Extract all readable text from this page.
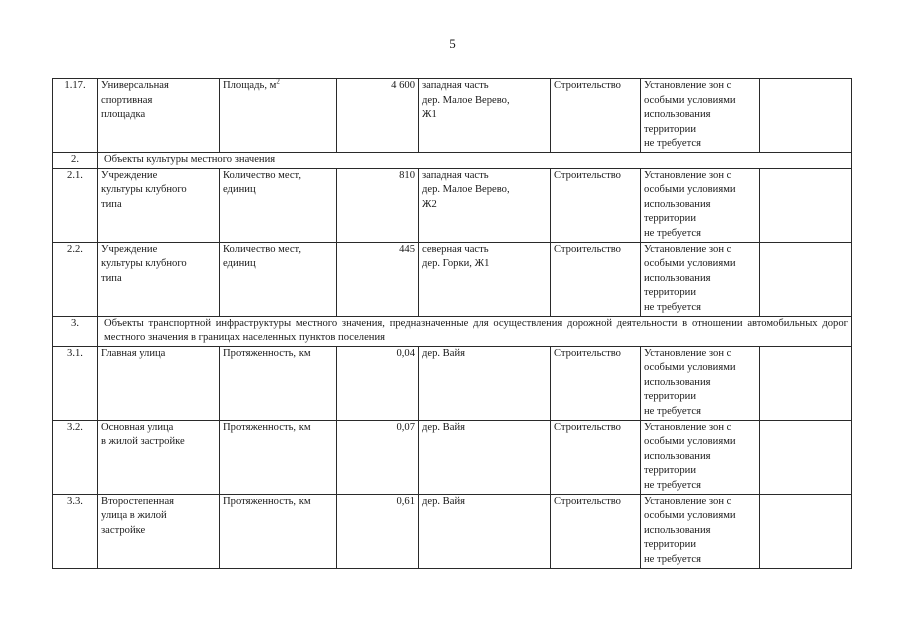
5
1.17.	Универсальная
спортивная
площадка	Площадь, $м^2$	4 600	западная часть
дер. Малое Верево,
Ж1	Строительство	Установление зон с
особыми условиями
использования
территории
не требуется	
2.	Объекты культуры местного значения						
2.1.	Учреждение
культуры клубного
типа	Количество мест,
единиц	810	западная часть
дер. Малое Верево,
Ж2	Строительство	Установление зон с
особыми условиями
использования
территории
не требуется	
2.2.	Учреждение
культуры клубного
типа	Количество мест,
единиц	445	северная часть
дер. Горки, Ж1	Строительство	Установление зон с
особыми условиями
использования
территории
не требуется	
3.	Объекты транспортной инфраструктуры местного значения, предназначенные для осуществления дорожной деятельности в отношении автомобильных дорог местного значения в границах населенных пунктов поселения						
3.1.	Главная улица	Протяженность, км	0,04	дер. Вайя	Строительство	Установление зон с
особыми условиями
использования
территории
не требуется	
3.2.	Основная улица
в жилой застройке	Протяженность, км	0,07	дер. Вайя	Строительство	Установление зон с
особыми условиями
использования
территории
не требуется	
3.3.	Второстепенная
улица в жилой
застройке	Протяженность, км	0,61	дер. Вайя	Строительство	Установление зон с
особыми условиями
использования
территории
не требуется	
